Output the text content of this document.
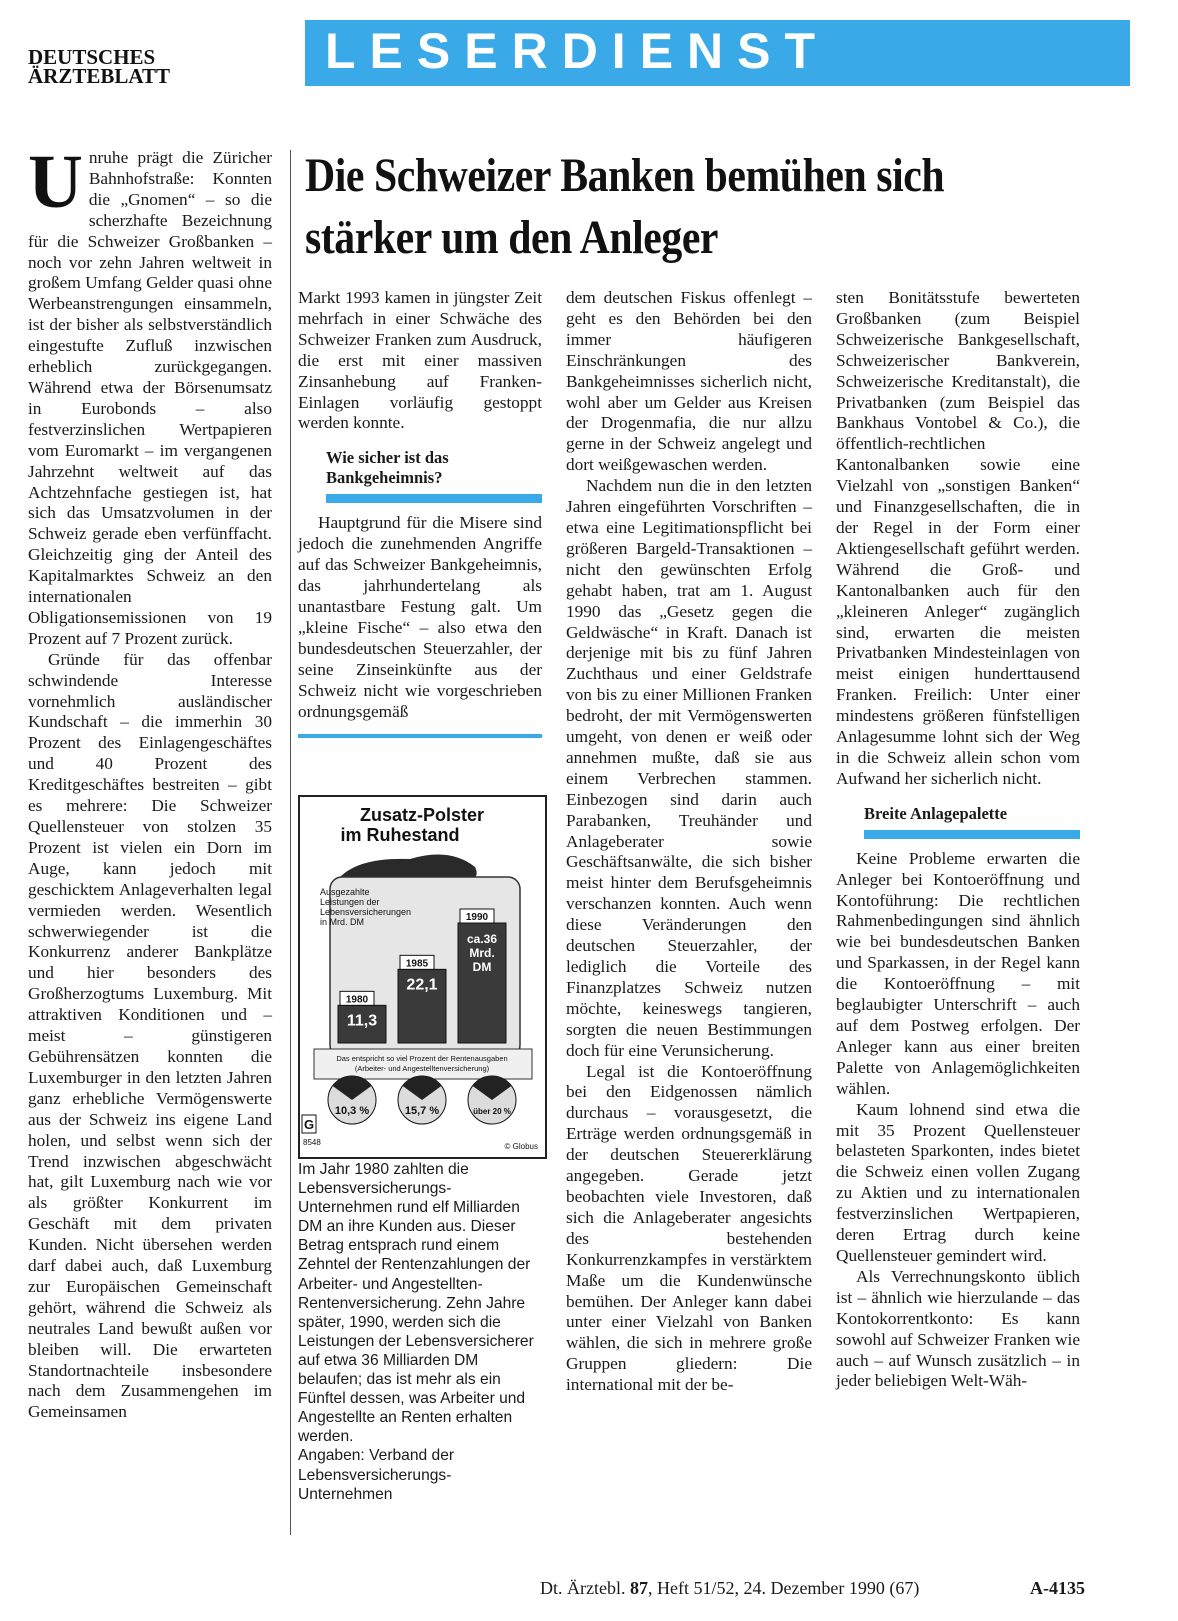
DEUTSCHES
ÄRZTEBLATT	LESERDIENST
Die Schweizer Banken bemühen sich
stärker um den Anleger

Unruhe prägt die Züricher Bahnhofstraße: Konnten die „Gnomen“ – so die scherzhafte Bezeichnung für die Schweizer Großbanken – noch vor zehn Jahren weltweit in großem Umfang Gelder quasi ohne Werbeanstrengungen einsammeln, ist der bisher als selbstverständlich eingestufte Zufluß inzwischen erheblich zurückgegangen. Während etwa der Börsenumsatz in Eurobonds – also festverzinslichen Wertpapieren vom Euromarkt – im vergangenen Jahrzehnt weltweit auf das Achtzehnfache gestiegen ist, hat sich das Umsatzvolumen in der Schweiz gerade eben verfünffacht. Gleichzeitig ging der Anteil des Kapitalmarktes Schweiz an den internationalen Obligationsemissionen von 19 Prozent auf 7 Prozent zurück.

Gründe für das offenbar schwindende Interesse vornehmlich ausländischer Kundschaft – die immerhin 30 Prozent des Einlagengeschäftes und 40 Prozent des Kreditgeschäftes bestreiten – gibt es mehrere: Die Schweizer Quellensteuer von stolzen 35 Prozent ist vielen ein Dorn im Auge, kann jedoch mit geschicktem Anlageverhalten legal vermieden werden. Wesentlich schwerwiegender ist die Konkurrenz anderer Bankplätze und hier besonders des Großherzogtums Luxemburg. Mit attraktiven Konditionen und – meist – günstigeren Gebührensätzen konnten die Luxemburger in den letzten Jahren ganz erhebliche Vermögenswerte aus der Schweiz ins eigene Land holen, und selbst wenn sich der Trend inzwischen abgeschwächt hat, gilt Luxemburg nach wie vor als größter Konkurrent im Geschäft mit dem privaten Kunden. Nicht übersehen werden darf dabei auch, daß Luxemburg zur Europäischen Gemeinschaft gehört, während die Schweiz als neutrales Land bewußt außen vor bleiben will. Die erwarteten Standortnachteile insbesondere nach dem Zusammengehen im Gemeinsamen

Markt 1993 kamen in jüngster Zeit mehrfach in einer Schwäche des Schweizer Franken zum Ausdruck, die erst mit einer massiven Zinsanhebung auf Franken-Einlagen vorläufig gestoppt werden konnte.

Wie sicher ist das
Bankgeheimnis?

Hauptgrund für die Misere sind jedoch die zunehmenden Angriffe auf das Schweizer Bankgeheimnis, das jahrhundertelang als unantastbare Festung galt. Um „kleine Fische“ – also etwa den bundesdeutschen Steuerzahler, der seine Zinseinkünfte aus der Schweiz nicht wie vorgeschrieben ordnungsgemäß

Zusatz-Polster
im Ruhestand
Ausgezahlte
Leistungen der
Lebensversicherungen
in Mrd. DM
1980
11,3
1985
22,1
1990
ca.36
Mrd.
DM
Das entspricht so viel Prozent der Rentenausgaben
(Arbeiter- und Angestelltenversicherung)
10,3 %	15,7 %	über 20 %
G
8548	© Globus
Im Jahr 1980 zahlten die Lebensversicherungs-Unternehmen rund elf Milliarden DM an ihre Kunden aus. Dieser Betrag entsprach rund einem Zehntel der Rentenzahlungen der Arbeiter- und Angestellten-Rentenversicherung. Zehn Jahre später, 1990, werden sich die Leistungen der Lebensversicherer auf etwa 36 Milliarden DM belaufen; das ist mehr als ein Fünftel dessen, was Arbeiter und Angestellte an Renten erhalten werden.
Angaben: Verband der Lebensversicherungs-Unternehmen

dem deutschen Fiskus offenlegt – geht es den Behörden bei den immer häufigeren Einschränkungen des Bankgeheimnisses sicherlich nicht, wohl aber um Gelder aus Kreisen der Drogenmafia, die nur allzu gerne in der Schweiz angelegt und dort weißgewaschen werden.

Nachdem nun die in den letzten Jahren eingeführten Vorschriften – etwa eine Legitimationspflicht bei größeren Bargeld-Transaktionen – nicht den gewünschten Erfolg gehabt haben, trat am 1. August 1990 das „Gesetz gegen die Geldwäsche“ in Kraft. Danach ist derjenige mit bis zu fünf Jahren Zuchthaus und einer Geldstrafe von bis zu einer Millionen Franken bedroht, der mit Vermögenswerten umgeht, von denen er weiß oder annehmen mußte, daß sie aus einem Verbrechen stammen. Einbezogen sind darin auch Parabanken, Treuhänder und Anlageberater sowie Geschäftsanwälte, die sich bisher meist hinter dem Berufsgeheimnis verschanzen konnten. Auch wenn diese Veränderungen den deutschen Steuerzahler, der lediglich die Vorteile des Finanzplatzes Schweiz nutzen möchte, keineswegs tangieren, sorgten die neuen Bestimmungen doch für eine Verunsicherung.

Legal ist die Kontoeröffnung bei den Eidgenossen nämlich durchaus – vorausgesetzt, die Erträge werden ordnungsgemäß in der deutschen Steuererklärung angegeben. Gerade jetzt beobachten viele Investoren, daß sich die Anlageberater angesichts des bestehenden Konkurrenzkampfes in verstärktem Maße um die Kundenwünsche bemühen. Der Anleger kann dabei unter einer Vielzahl von Banken wählen, die sich in mehrere große Gruppen gliedern: Die international mit der be-

sten Bonitätsstufe bewerteten Großbanken (zum Beispiel Schweizerische Bankgesellschaft, Schweizerischer Bankverein, Schweizerische Kreditanstalt), die Privatbanken (zum Beispiel das Bankhaus Vontobel & Co.), die öffentlich-rechtlichen Kantonalbanken sowie eine Vielzahl von „sonstigen Banken“ und Finanzgesellschaften, die in der Regel in der Form einer Aktiengesellschaft geführt werden. Während die Groß- und Kantonalbanken auch für den „kleineren Anleger“ zugänglich sind, erwarten die meisten Privatbanken Mindesteinlagen von meist einigen hunderttausend Franken. Freilich: Unter einer mindestens größeren fünfstelligen Anlagesumme lohnt sich der Weg in die Schweiz allein schon vom Aufwand her sicherlich nicht.

Breite Anlagepalette

Keine Probleme erwarten die Anleger bei Kontoeröffnung und Kontoführung: Die rechtlichen Rahmenbedingungen sind ähnlich wie bei bundesdeutschen Banken und Sparkassen, in der Regel kann die Kontoeröffnung – mit beglaubigter Unterschrift – auch auf dem Postweg erfolgen. Der Anleger kann aus einer breiten Palette von Anlagemöglichkeiten wählen.

Kaum lohnend sind etwa die mit 35 Prozent Quellensteuer belasteten Sparkonten, indes bietet die Schweiz einen vollen Zugang zu Aktien und zu internationalen festverzinslichen Wertpapieren, deren Ertrag durch keine Quellensteuer gemindert wird.

Als Verrechnungskonto üblich ist – ähnlich wie hierzulande – das Kontokorrentkonto: Es kann sowohl auf Schweizer Franken wie auch – auf Wunsch zusätzlich – in jeder beliebigen Welt-Wäh-

Dt. Ärztebl. 87, Heft 51/52, 24. Dezember 1990 (67)	A-4135
